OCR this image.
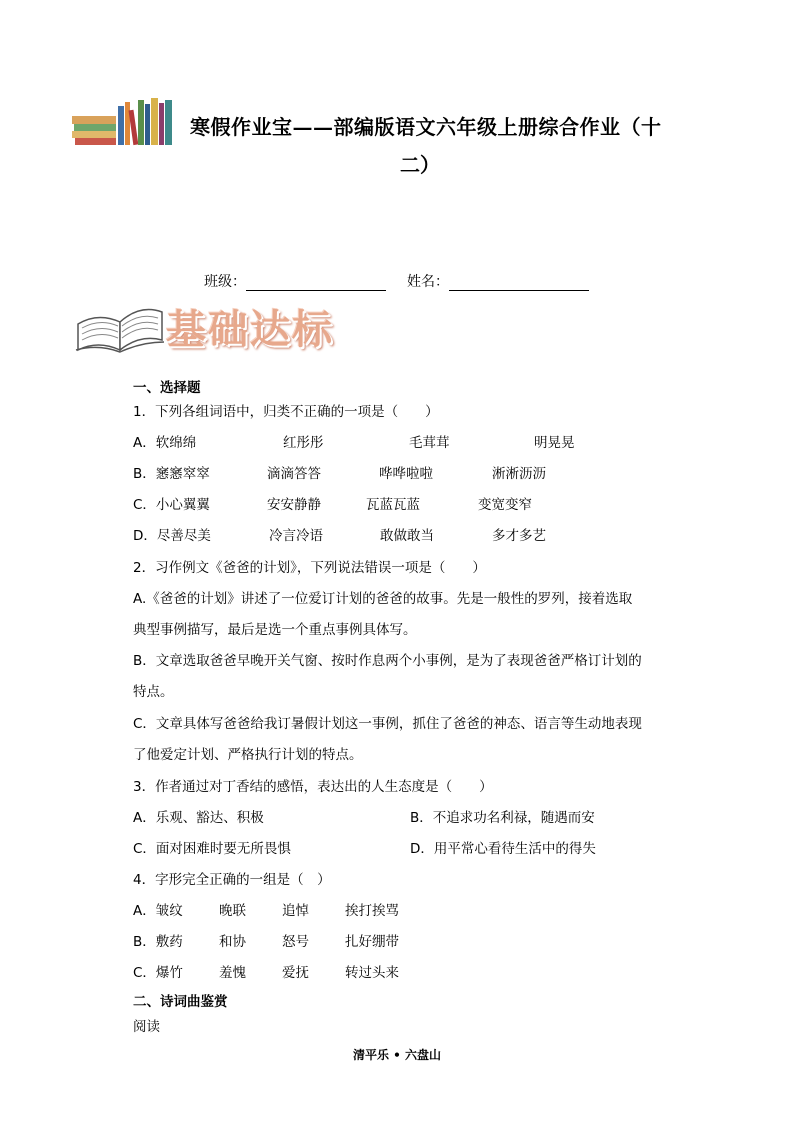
寒假作业宝——部编版语文六年级上册综合作业（十
二）
班级：	姓名：
基础达标
一、选择题
1．下列各组词语中，归类不正确的一项是（　　）
A．软绵绵	红彤彤	毛茸茸	明晃晃
B．窸窸窣窣	滴滴答答	哗哗啦啦	淅淅沥沥
C．小心翼翼	安安静静	瓦蓝瓦蓝	变宽变窄
D．尽善尽美	冷言冷语	敢做敢当	多才多艺
2．习作例文《爸爸的计划》，下列说法错误一项是（　　）
A.《爸爸的计划》讲述了一位爱订计划的爸爸的故事。先是一般性的罗列，接着选取
典型事例描写，最后是选一个重点事例具体写。
B．文章选取爸爸早晚开关气窗、按时作息两个小事例，是为了表现爸爸严格订计划的
特点。
C．文章具体写爸爸给我订暑假计划这一事例，抓住了爸爸的神态、语言等生动地表现
了他爱定计划、严格执行计划的特点。
3．作者通过对丁香结的感悟，表达出的人生态度是（　　）
A．乐观、豁达、积极	B．不追求功名利禄，随遇而安
C．面对困难时要无所畏惧	D．用平常心看待生活中的得失
4．字形完全正确的一组是（　）
A．皱纹	晚联	追悼	挨打挨骂
B．敷药	和协	怒号	扎好绷带
C．爆竹	羞愧	爱抚	转过头来
二、诗词曲鉴赏
阅读
清平乐 • 六盘山
